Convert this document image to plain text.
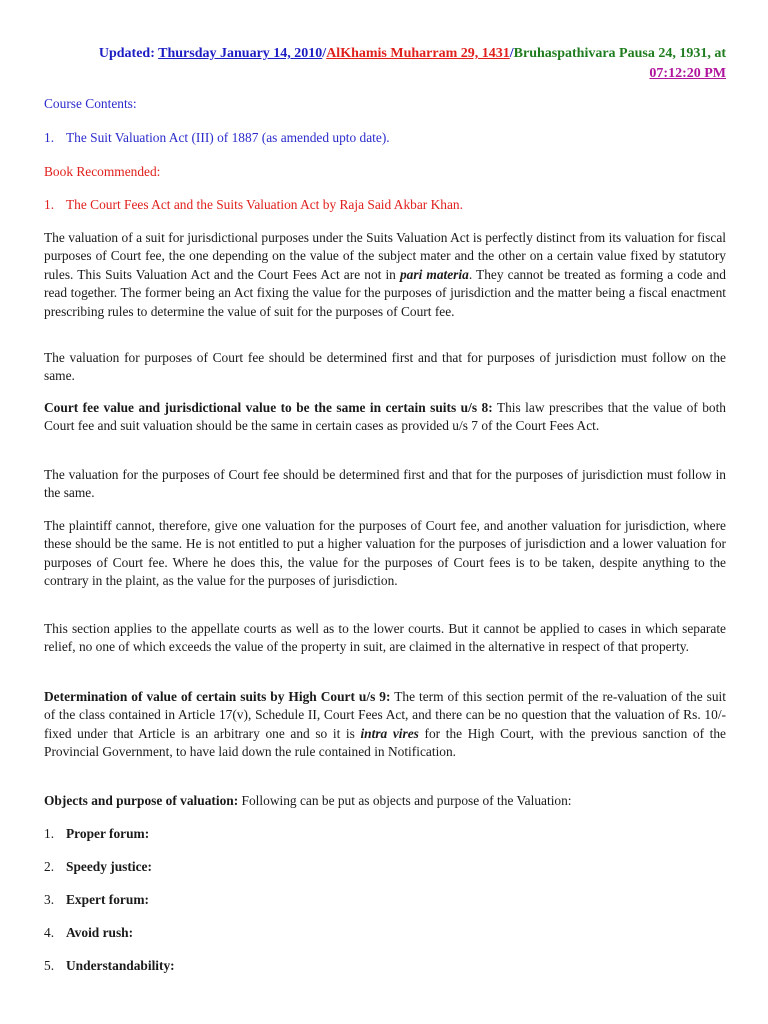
Updated: Thursday January 14, 2010/AlKhamis Muharram 29, 1431/Bruhaspathivara Pausa 24, 1931, at
07:12:20 PM
Course Contents:
1. The Suit Valuation Act (III) of 1887 (as amended upto date).
Book Recommended:
1. The Court Fees Act and the Suits Valuation Act by Raja Said Akbar Khan.
The valuation of a suit for jurisdictional purposes under the Suits Valuation Act is perfectly distinct from its valuation for fiscal purposes of Court fee, the one depending on the value of the subject mater and the other on a certain value fixed by statutory rules. This Suits Valuation Act and the Court Fees Act are not in pari materia. They cannot be treated as forming a code and read together. The former being an Act fixing the value for the purposes of jurisdiction and the matter being a fiscal enactment prescribing rules to determine the value of suit for the purposes of Court fee.
The valuation for purposes of Court fee should be determined first and that for purposes of jurisdiction must follow on the same.
Court fee value and jurisdictional value to be the same in certain suits u/s 8: This law prescribes that the value of both Court fee and suit valuation should be the same in certain cases as provided u/s 7 of the Court Fees Act.
The valuation for the purposes of Court fee should be determined first and that for the purposes of jurisdiction must follow in the same.
The plaintiff cannot, therefore, give one valuation for the purposes of Court fee, and another valuation for jurisdiction, where these should be the same. He is not entitled to put a higher valuation for the purposes of jurisdiction and a lower valuation for purposes of Court fee. Where he does this, the value for the purposes of Court fees is to be taken, despite anything to the contrary in the plaint, as the value for the purposes of jurisdiction.
This section applies to the appellate courts as well as to the lower courts. But it cannot be applied to cases in which separate relief, no one of which exceeds the value of the property in suit, are claimed in the alternative in respect of that property.
Determination of value of certain suits by High Court u/s 9: The term of this section permit of the re-valuation of the suit of the class contained in Article 17(v), Schedule II, Court Fees Act, and there can be no question that the valuation of Rs. 10/- fixed under that Article is an arbitrary one and so it is intra vires for the High Court, with the previous sanction of the Provincial Government, to have laid down the rule contained in Notification.
Objects and purpose of valuation: Following can be put as objects and purpose of the Valuation:
1. Proper forum:
2. Speedy justice:
3. Expert forum:
4. Avoid rush:
5. Understandability:
